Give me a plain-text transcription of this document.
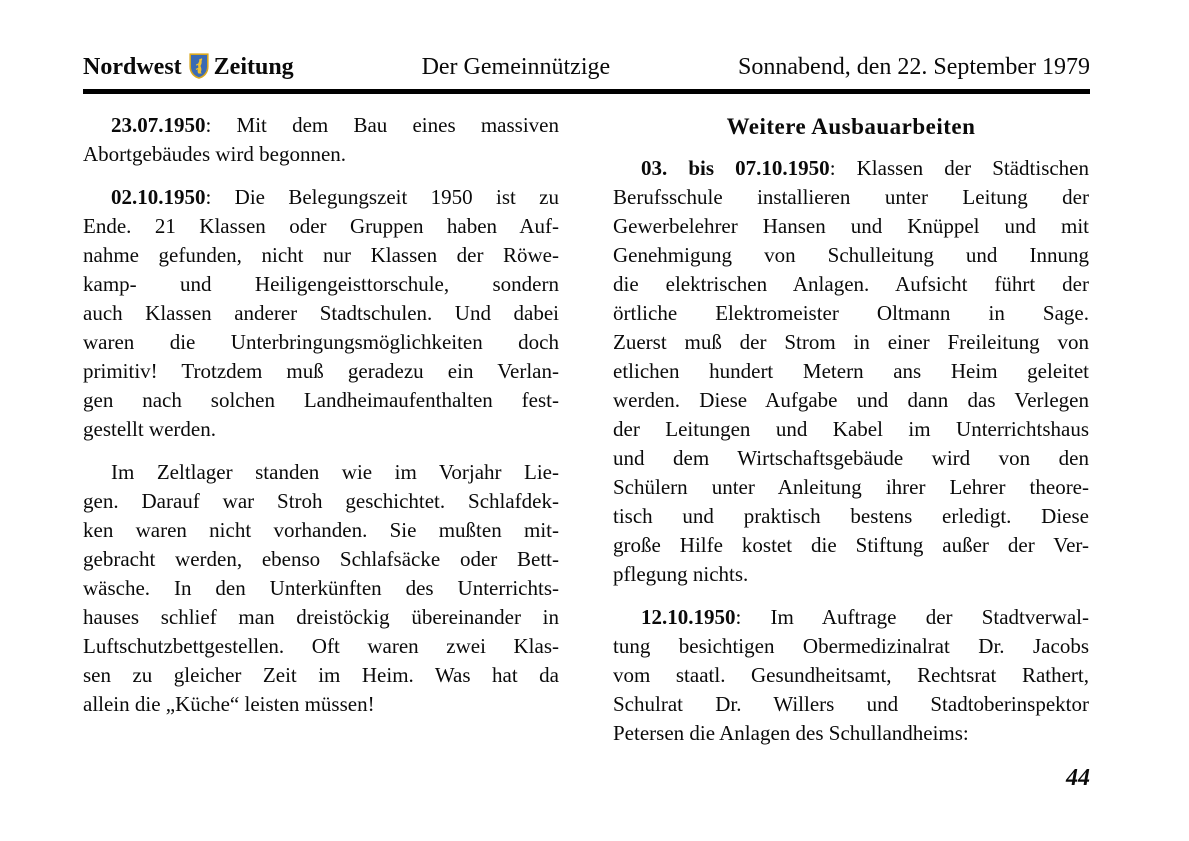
Nordwest Zeitung	Der Gemeinnützige	Sonnabend, den 22. September 1979

23.07.1950: Mit dem Bau eines massiven
Abortgebäudes wird begonnen.

02.10.1950: Die Belegungszeit 1950 ist zu
Ende. 21 Klassen oder Gruppen haben Auf-
nahme gefunden, nicht nur Klassen der Röwe-
kamp- und Heiligengeisttorschule, sondern
auch Klassen anderer Stadtschulen. Und dabei
waren die Unterbringungsmöglichkeiten doch
primitiv! Trotzdem muß geradezu ein Verlan-
gen nach solchen Landheimaufenthalten fest-
gestellt werden.

Im Zeltlager standen wie im Vorjahr Lie-
gen. Darauf war Stroh geschichtet. Schlafdek-
ken waren nicht vorhanden. Sie mußten mit-
gebracht werden, ebenso Schlafsäcke oder Bett-
wäsche. In den Unterkünften des Unterrichts-
hauses schlief man dreistöckig übereinander in
Luftschutzbettgestellen. Oft waren zwei Klas-
sen zu gleicher Zeit im Heim. Was hat da
allein die „Küche“ leisten müssen!

Weitere Ausbauarbeiten

03. bis 07.10.1950: Klassen der Städtischen
Berufsschule installieren unter Leitung der
Gewerbelehrer Hansen und Knüppel und mit
Genehmigung von Schulleitung und Innung
die elektrischen Anlagen. Aufsicht führt der
örtliche Elektromeister Oltmann in Sage.
Zuerst muß der Strom in einer Freileitung von
etlichen hundert Metern ans Heim geleitet
werden. Diese Aufgabe und dann das Verlegen
der Leitungen und Kabel im Unterrichtshaus
und dem Wirtschaftsgebäude wird von den
Schülern unter Anleitung ihrer Lehrer theore-
tisch und praktisch bestens erledigt. Diese
große Hilfe kostet die Stiftung außer der Ver-
pflegung nichts.

12.10.1950: Im Auftrage der Stadtverwal-
tung besichtigen Obermedizinalrat Dr. Jacobs
vom staatl. Gesundheitsamt, Rechtsrat Rathert,
Schulrat Dr. Willers und Stadtoberinspektor
Petersen die Anlagen des Schullandheims:

44
